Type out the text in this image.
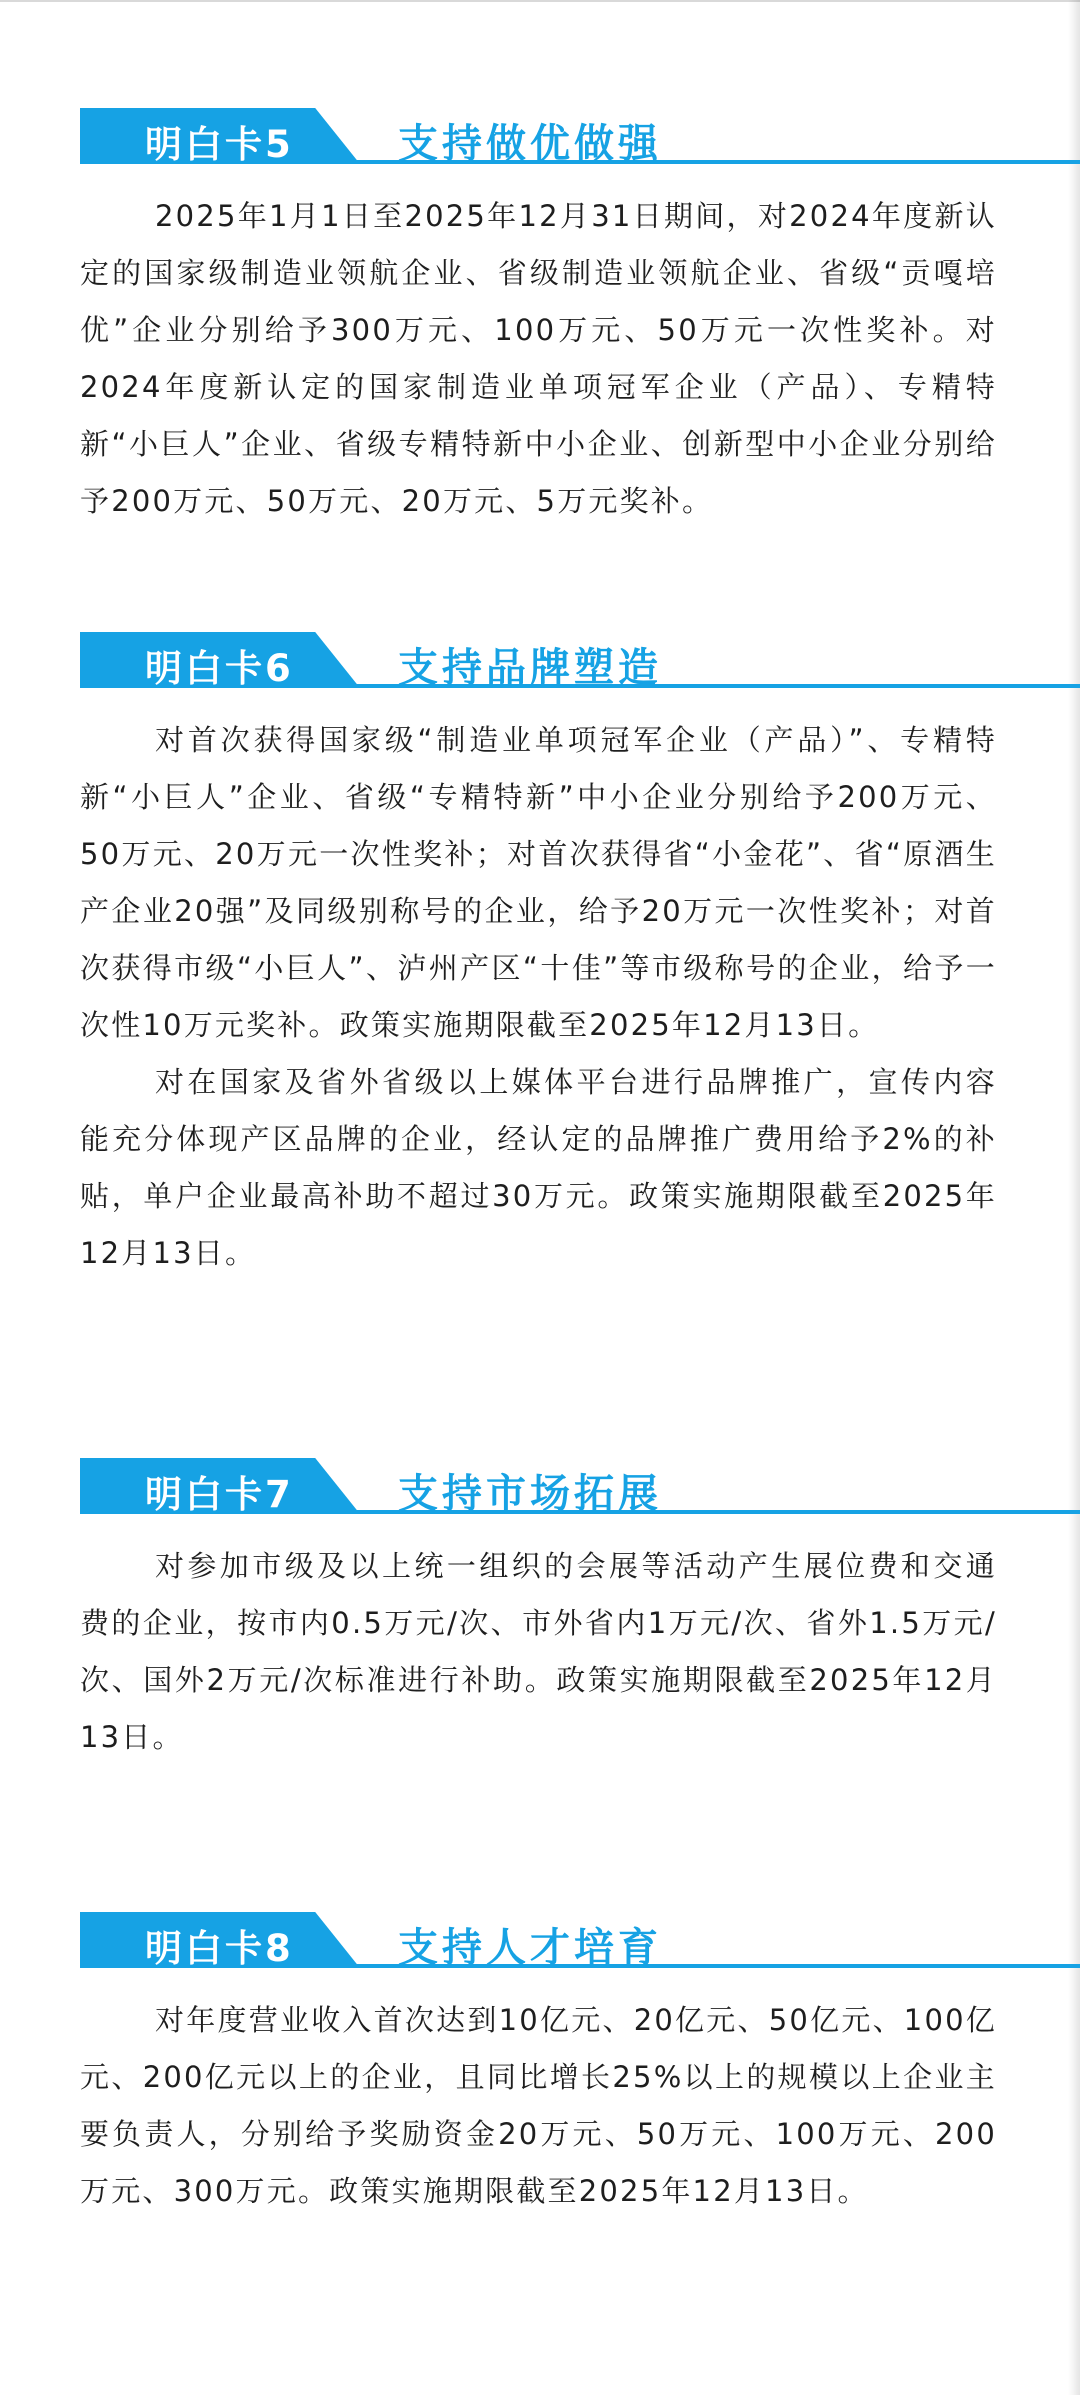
明白卡5	支持做优做强

2025年1月1日至2025年12月31日期间，对2024年度新认定的国家级制造业领航企业、省级制造业领航企业、省级“贡嘎培优”企业分别给予300万元、100万元、50万元一次性奖补。对2024年度新认定的国家制造业单项冠军企业（产品）、专精特新“小巨人”企业、省级专精特新中小企业、创新型中小企业分别给予200万元、50万元、20万元、5万元奖补。

明白卡6	支持品牌塑造

对首次获得国家级“制造业单项冠军企业（产品）”、专精特新“小巨人”企业、省级“专精特新”中小企业分别给予200万元、50万元、20万元一次性奖补；对首次获得省“小金花”、省“原酒生产企业20强”及同级别称号的企业，给予20万元一次性奖补；对首次获得市级“小巨人”、泸州产区“十佳”等市级称号的企业，给予一次性10万元奖补。政策实施期限截至2025年12月13日。

对在国家及省外省级以上媒体平台进行品牌推广，宣传内容能充分体现产区品牌的企业，经认定的品牌推广费用给予2%的补贴，单户企业最高补助不超过30万元。政策实施期限截至2025年12月13日。

明白卡7	支持市场拓展

对参加市级及以上统一组织的会展等活动产生展位费和交通费的企业，按市内0.5万元/次、市外省内1万元/次、省外1.5万元/次、国外2万元/次标准进行补助。政策实施期限截至2025年12月13日。

明白卡8	支持人才培育

对年度营业收入首次达到10亿元、20亿元、50亿元、100亿元、200亿元以上的企业，且同比增长25%以上的规模以上企业主要负责人，分别给予奖励资金20万元、50万元、100万元、200万元、300万元。政策实施期限截至2025年12月13日。
